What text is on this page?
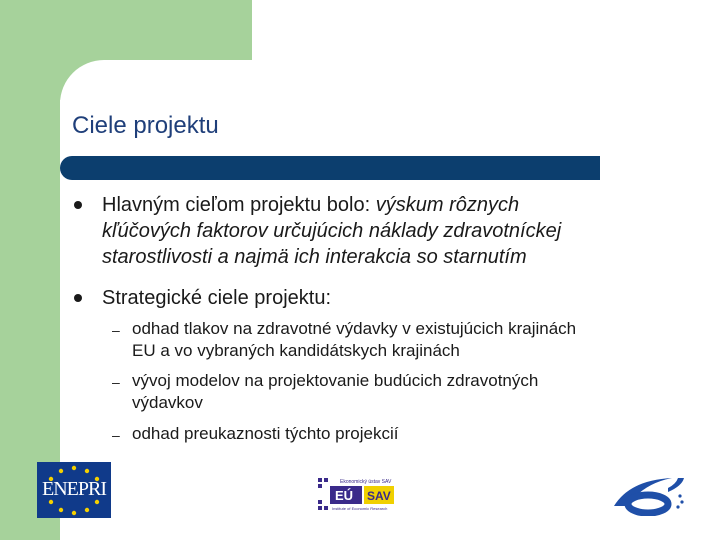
Ciele projektu
Hlavným cieľom projektu bolo: výskum rôznych
kľúčových faktorov určujúcich náklady zdravotníckej
starostlivosti a najmä ich interakcia so starnutím
Strategické ciele projektu:
– odhad tlakov na zdravotné výdavky v existujúcich krajinách
EU a vo vybraných kandidátskych krajinách
– vývoj modelov na projektovanie budúcich zdravotných
výdavkov
– odhad preukaznosti týchto projekcií
ENEPRI	Ekonomický ústav SAV
EÚ SAV
Institute of Economic Research
